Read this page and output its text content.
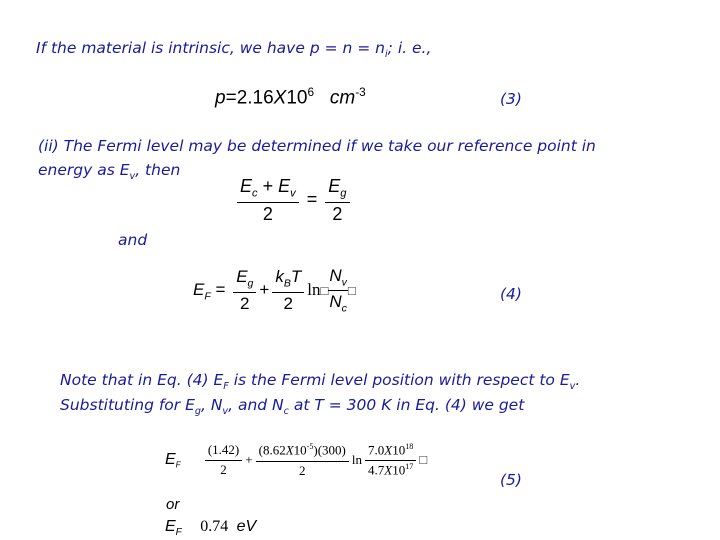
If the material is intrinsic, we have $p = n = n_i$; i. e.,
$p=2.16X10^6$ $cm^{-3}$	(3)
(ii) The Fermi level may be determined if we take our reference point in
energy as $E_v$, then
$\frac{E_c + E_v}{2} = \frac{E_g}{2}$
and
$E_F = \frac{E_g}{2} + \frac{k_BT}{2}$ ln□ $\frac{N_v}{N_c}$ □	(4)
Note that in Eq. (4) $E_F$ is the Fermi level position with respect to $E_v$.
Substituting for $E_g$, $N_v$, and $N_c$ at T = 300 K in Eq. (4) we get
$E_F \frac{(1.42)}{2} + \frac{(8.62X10^{-5})(300)}{2}$ $\ln \frac{7.0X10^{18}}{4.7X10^{17}}$ □
(5)
or
$E_F$ 0.74 eV
